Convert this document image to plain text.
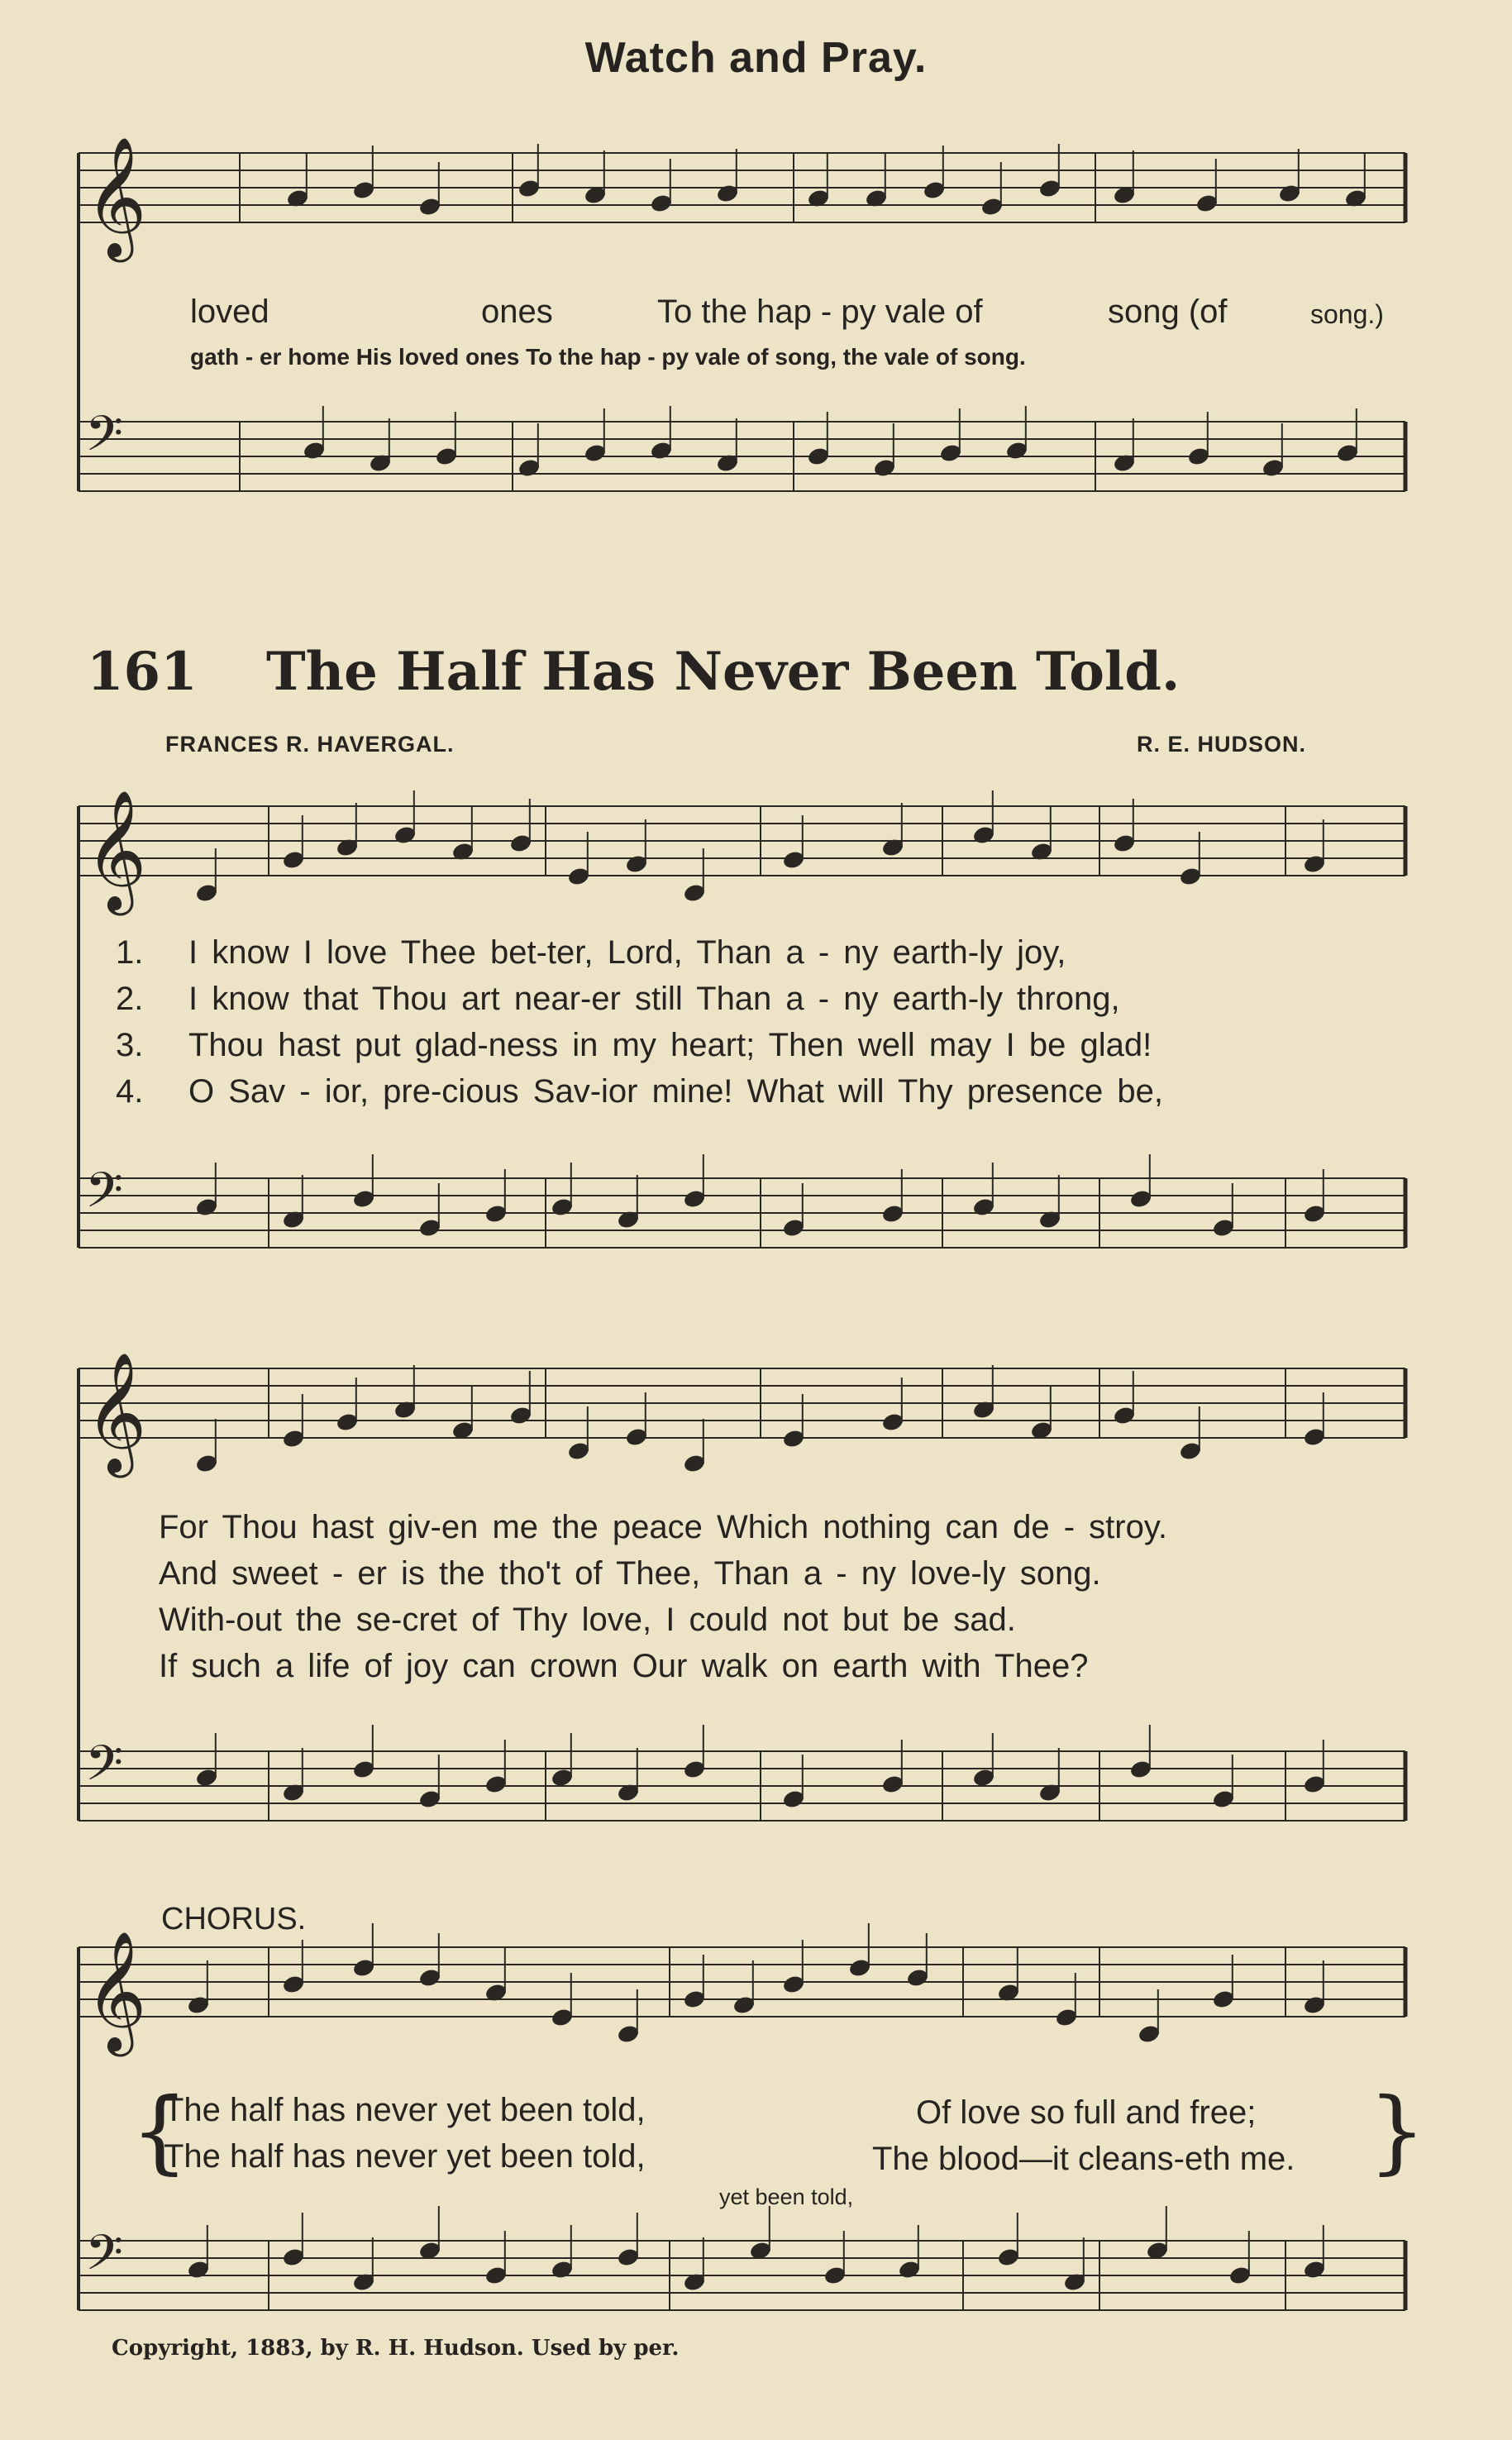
𝄞
𝄢
𝄞
𝄢
𝄞
𝄢
𝄞
𝄢
Watch and Pray.
loved	ones	To the hap - py vale of	song (of	song.)
gath - er home His loved ones To the hap - py vale of song, the vale of song.
161 The Half Has Never Been Told.
FRANCES R. HAVERGAL.	R. E. HUDSON.
1. I know I love Thee bet-ter, Lord, Than a - ny earth-ly joy,
2. I know that Thou art near-er still Than a - ny earth-ly throng,
3. Thou hast put glad-ness in my heart; Then well may I be glad!
4. O Sav - ior, pre-cious Sav-ior mine! What will Thy presence be,
For Thou hast giv-en me the peace Which nothing can de - stroy.
And sweet - er is the tho't of Thee, Than a - ny love-ly song.
With-out the se-cret of Thy love, I could not but be sad.
If such a life of joy can crown Our walk on earth with Thee?
CHORUS.
{	}
The half has never yet been told,	Of love so full and free;
The half has never yet been told,	The blood—it cleans-eth me.
yet been told,
Copyright, 1883, by R. H. Hudson. Used by per.
